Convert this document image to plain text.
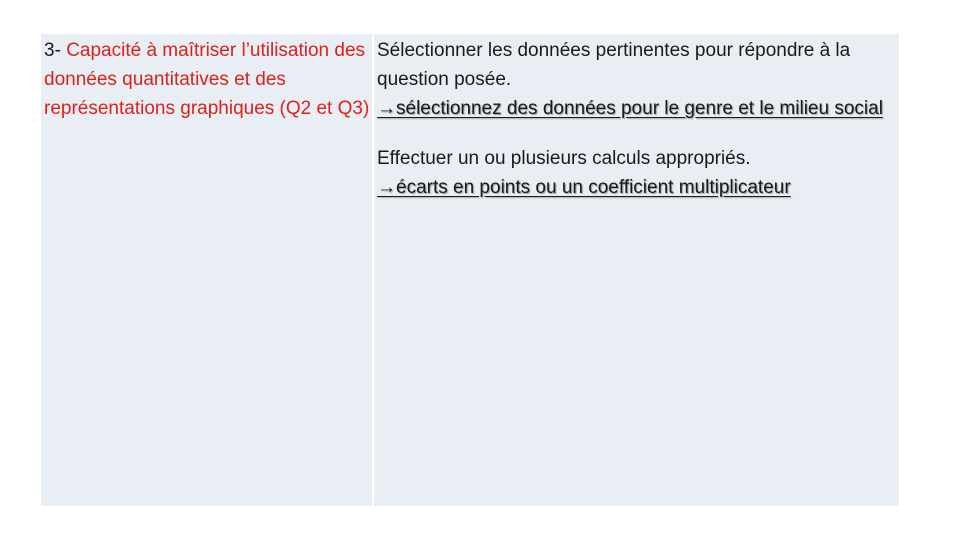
3- Capacité à maîtriser l’utilisation des données quantitatives et des représentations graphiques (Q2 et Q3)

Sélectionner les données pertinentes pour répondre à la question posée.

→sélectionnez des données pour le genre et le milieu social

Effectuer un ou plusieurs calculs appropriés.

→écarts en points ou un coefficient multiplicateur
